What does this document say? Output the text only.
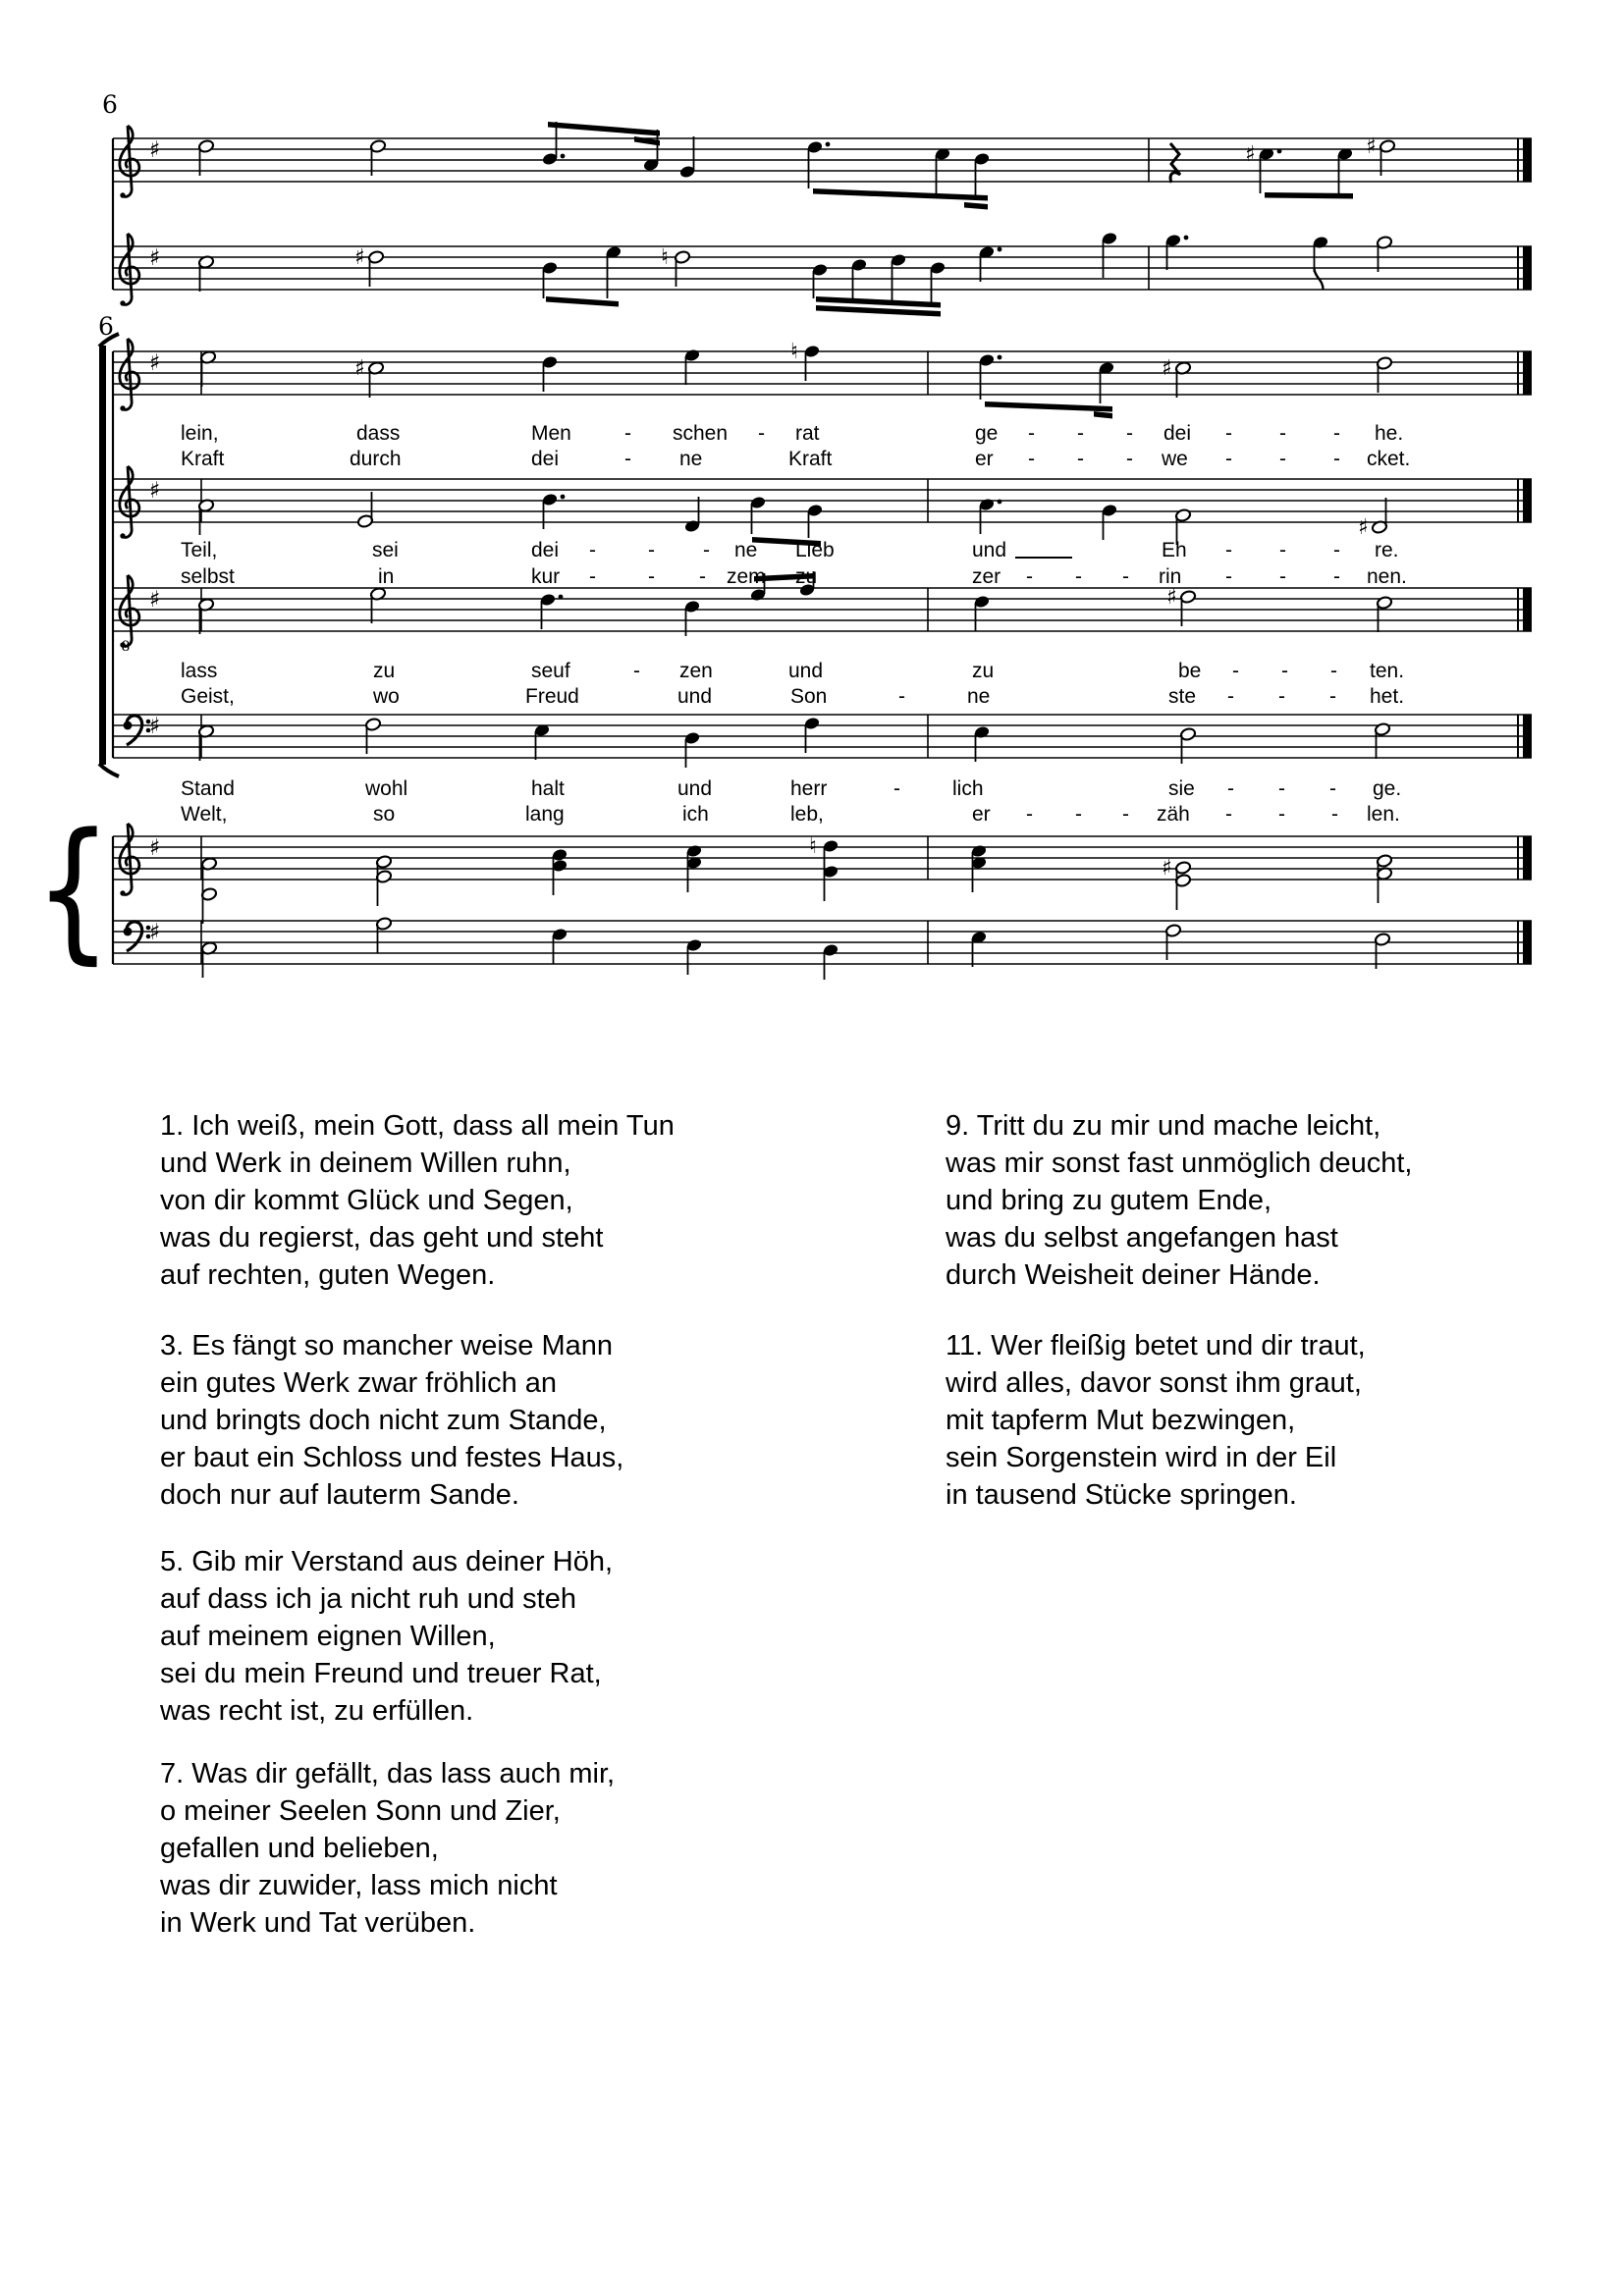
♯	♯	♯
♯	♯	♮
♯	♯
♮
♯
♯
♯
8
♯	♯
♯
♯	♮
♯
♯
{
6
6
lein,	dass	Men	- schen - rat	ge - - - dei - - - he.
Kraft	durch	dei	- ne	Kraft	er - - - we - - - cket.
Teil,	sei	dei -	- - ne Lieb	und	Eh - - - re.
selbst	in	kur -	- - zem zu	zer - - - rin - - - nen.
lass	zu	seuf	- zen	und	zu	be - - - ten.
Geist,	wo	Freud	und	Son	-	ne	ste - - - het.
Stand	wohl	halt	und	herr	-	lich	sie - - - ge.
Welt,	so	lang	ich	leb,	er - - - zäh - - - len.
1. Ich weiß, mein Gott, dass all mein Tun
und Werk in deinem Willen ruhn,
von dir kommt Glück und Segen,
was du regierst, das geht und steht
auf rechten, guten Wegen.
3. Es fängt so mancher weise Mann
ein gutes Werk zwar fröhlich an
und bringts doch nicht zum Stande,
er baut ein Schloss und festes Haus,
doch nur auf lauterm Sande.
5. Gib mir Verstand aus deiner Höh,
auf dass ich ja nicht ruh und steh
auf meinem eignen Willen,
sei du mein Freund und treuer Rat,
was recht ist, zu erfüllen.
7. Was dir gefällt, das lass auch mir,
o meiner Seelen Sonn und Zier,
gefallen und belieben,
was dir zuwider, lass mich nicht
in Werk und Tat verüben.
9. Tritt du zu mir und mache leicht,
was mir sonst fast unmöglich deucht,
und bring zu gutem Ende,
was du selbst angefangen hast
durch Weisheit deiner Hände.
11. Wer fleißig betet und dir traut,
wird alles, davor sonst ihm graut,
mit tapferm Mut bezwingen,
sein Sorgenstein wird in der Eil
in tausend Stücke springen.
